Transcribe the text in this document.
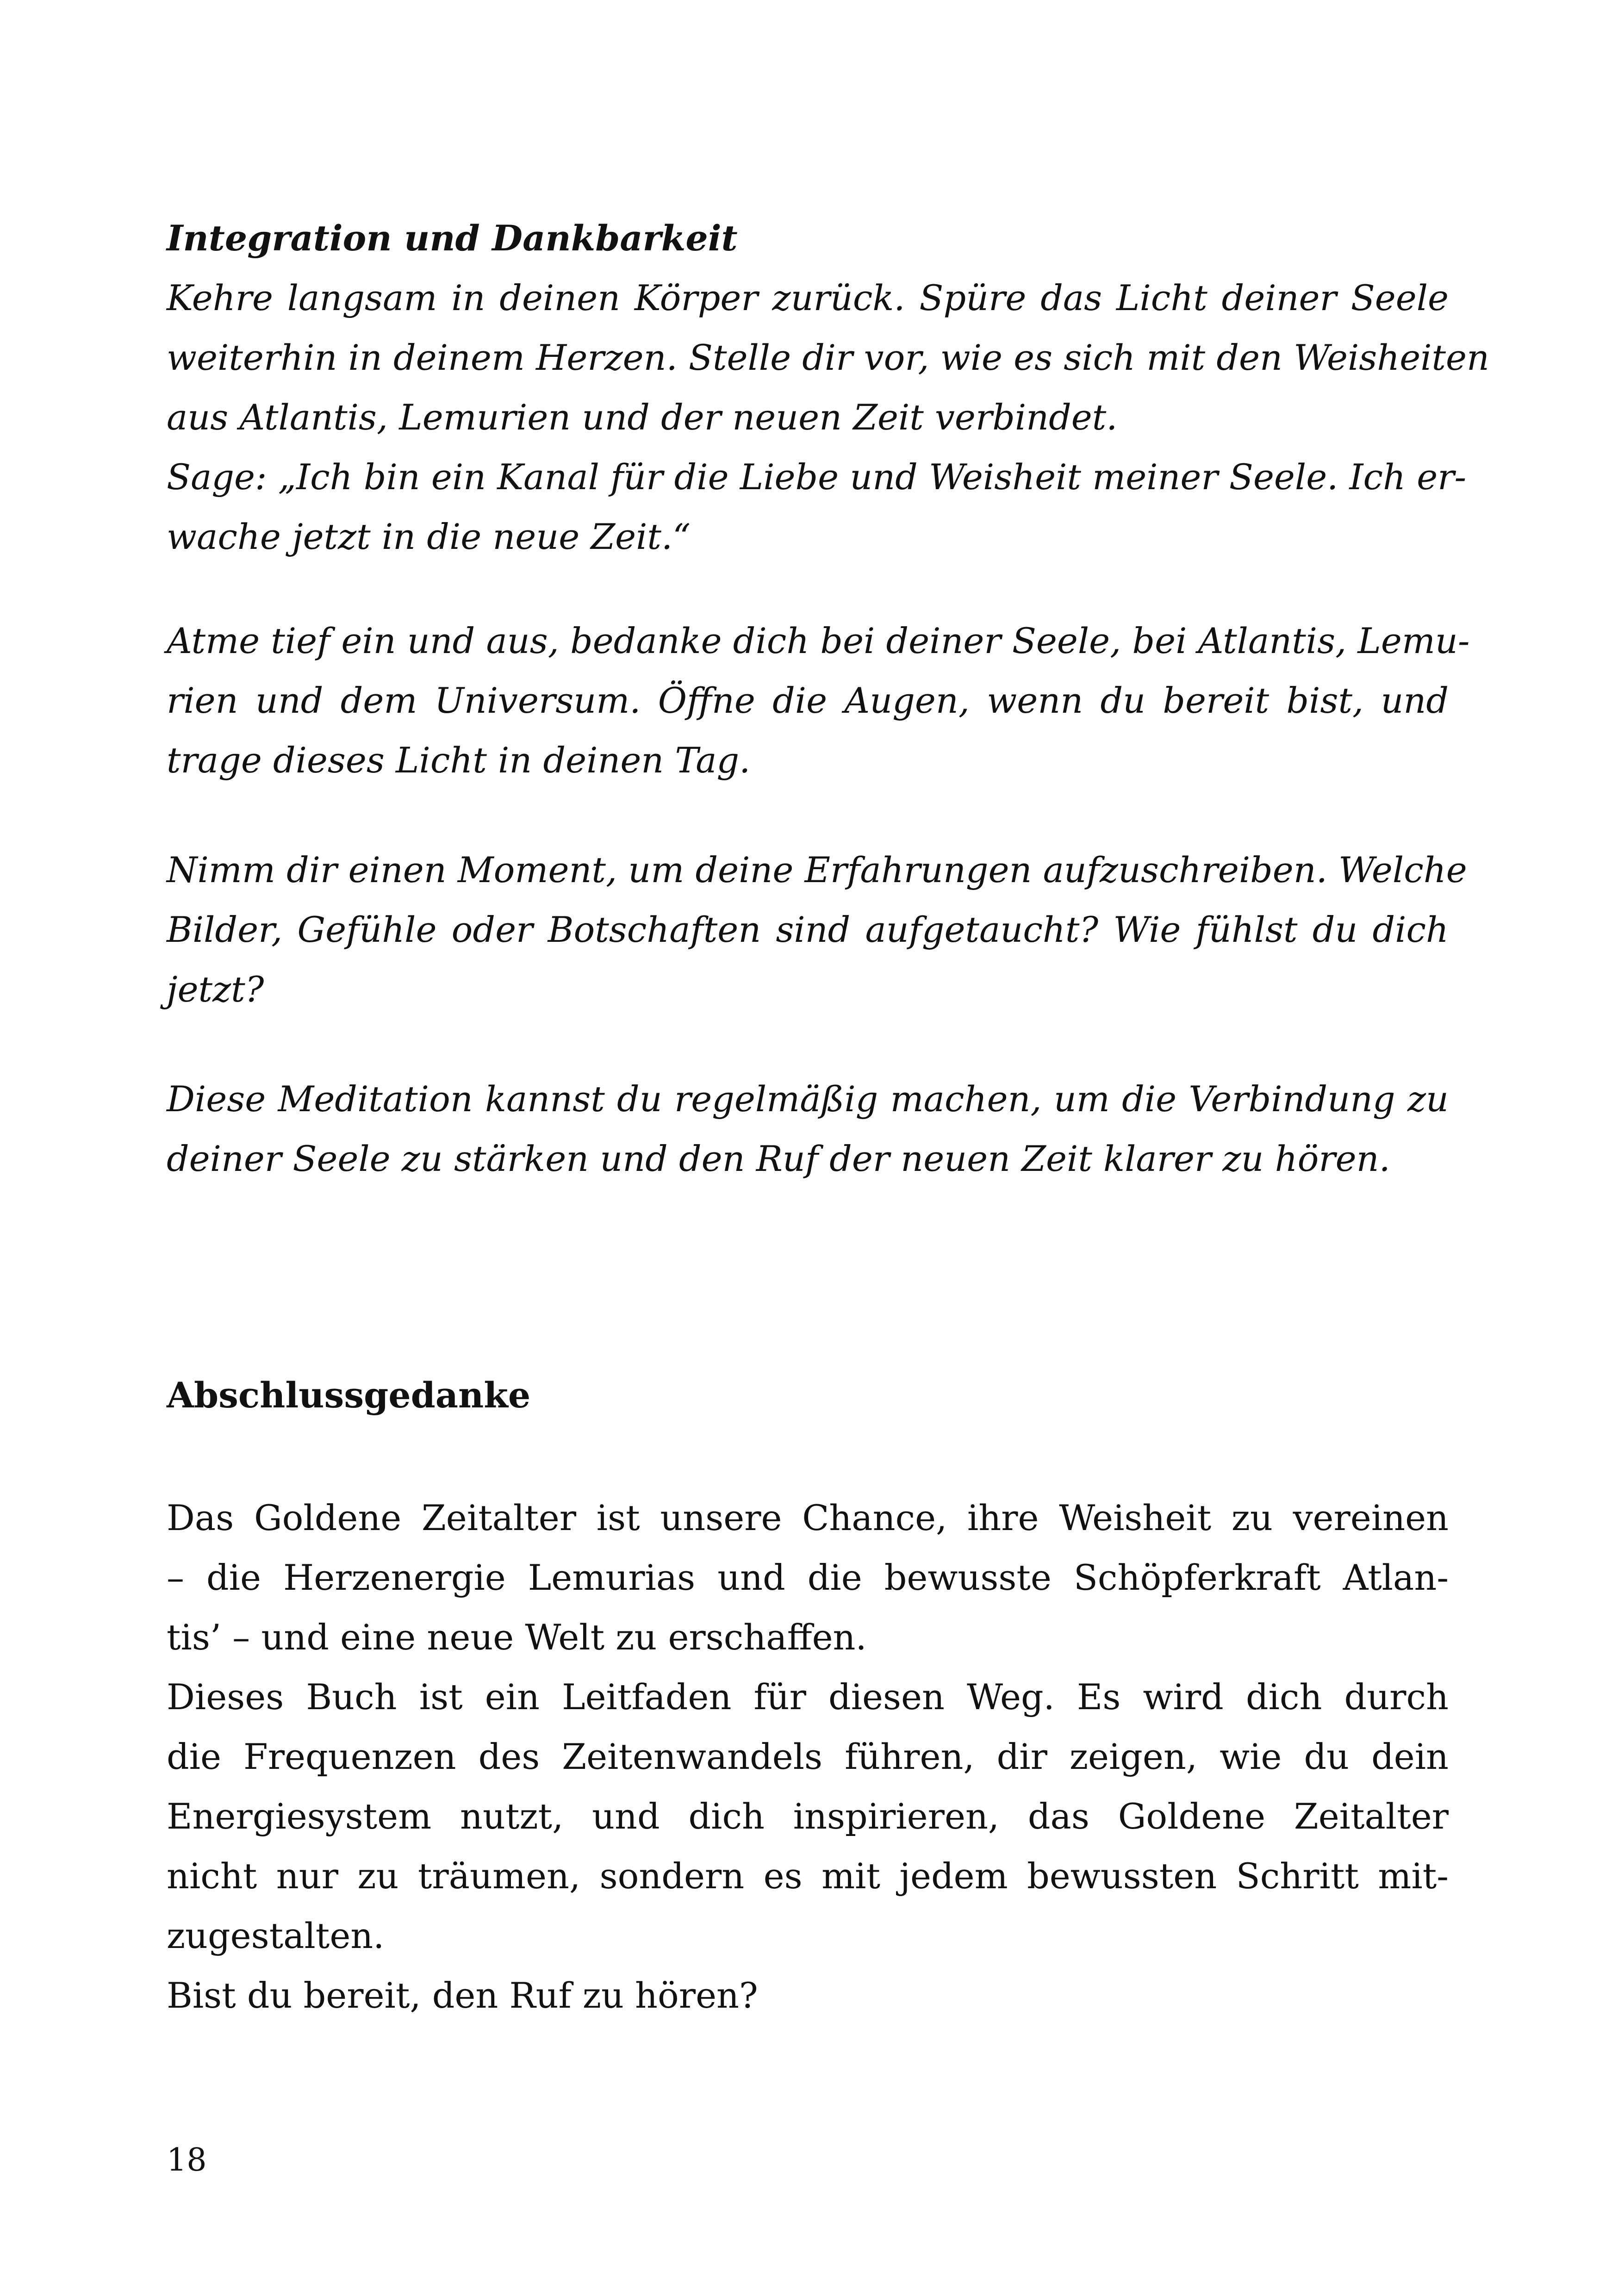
Integration und Dankbarkeit
Kehre langsam in deinen Körper zurück. Spüre das Licht deiner Seele
weiterhin in deinem Herzen. Stelle dir vor, wie es sich mit den Weisheiten
aus Atlantis, Lemurien und der neuen Zeit verbindet.
Sage: „Ich bin ein Kanal für die Liebe und Weisheit meiner Seele. Ich er-
wache jetzt in die neue Zeit.“
Atme tief ein und aus, bedanke dich bei deiner Seele, bei Atlantis, Lemu-
rien und dem Universum. Öffne die Augen, wenn du bereit bist, und
trage dieses Licht in deinen Tag.
Nimm dir einen Moment, um deine Erfahrungen aufzuschreiben. Welche
Bilder, Gefühle oder Botschaften sind aufgetaucht? Wie fühlst du dich
jetzt?
Diese Meditation kannst du regelmäßig machen, um die Verbindung zu
deiner Seele zu stärken und den Ruf der neuen Zeit klarer zu hören.
Abschlussgedanke
Das Goldene Zeitalter ist unsere Chance, ihre Weisheit zu vereinen
– die Herzenergie Lemurias und die bewusste Schöpferkraft Atlan-
tis’ – und eine neue Welt zu erschaffen.
Dieses Buch ist ein Leitfaden für diesen Weg. Es wird dich durch
die Frequenzen des Zeitenwandels führen, dir zeigen, wie du dein
Energiesystem nutzt, und dich inspirieren, das Goldene Zeitalter
nicht nur zu träumen, sondern es mit jedem bewussten Schritt mit-
zugestalten.
Bist du bereit, den Ruf zu hören?
18
